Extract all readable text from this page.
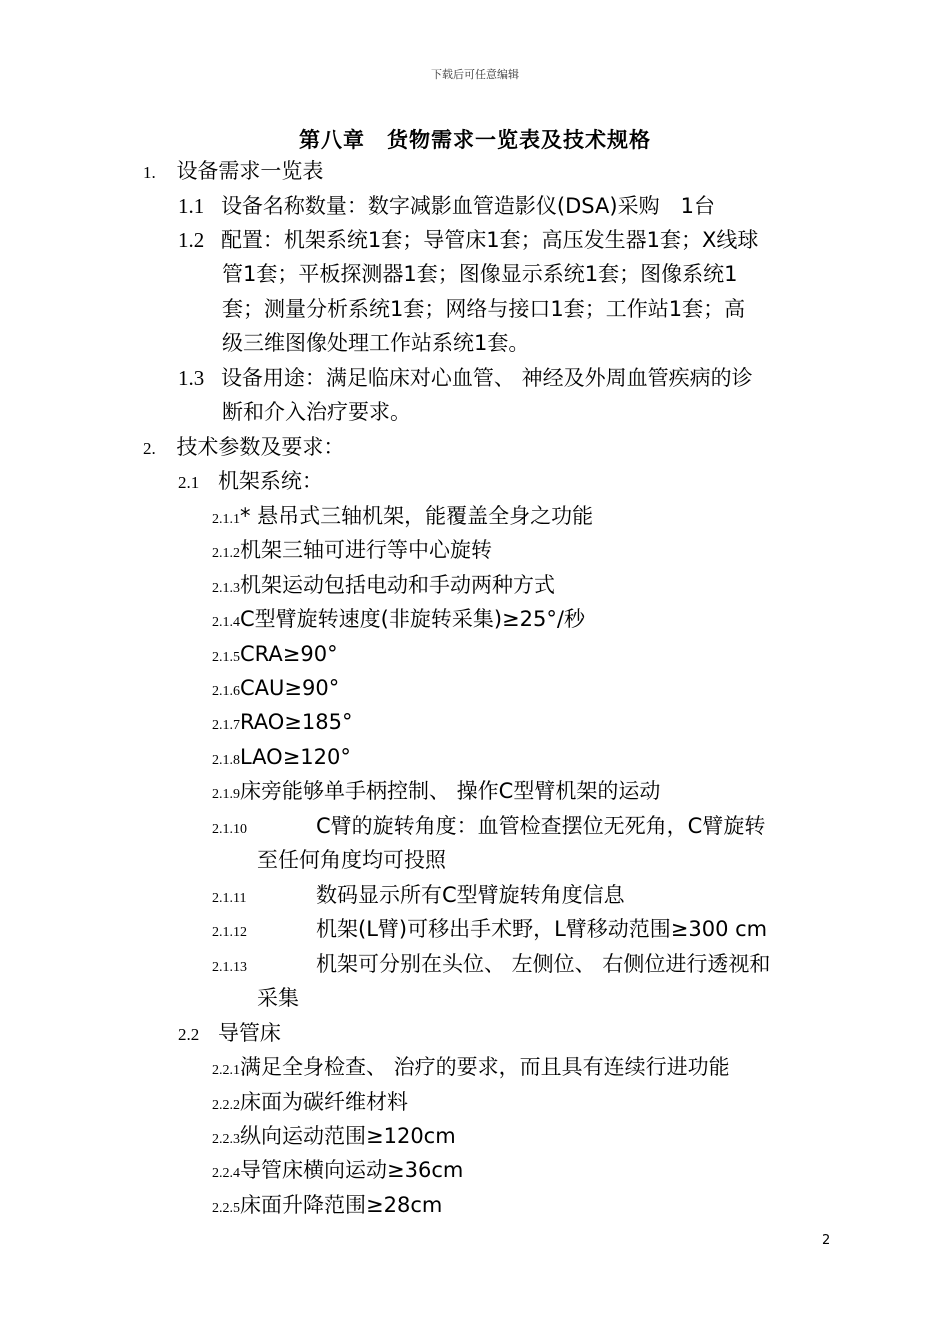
下载后可任意编辑
第八章　货物需求一览表及技术规格
1. 设备需求一览表
1.1 设备名称数量：数字减影血管造影仪(DSA)采购　1台
1.2 配置：机架系统1套；导管床1套；高压发生器1套；X线球
管1套；平板探测器1套；图像显示系统1套；图像系统1
套；测量分析系统1套；网络与接口1套；工作站1套；高
级三维图像处理工作站系统1套。
1.3 设备用途：满足临床对心血管、 神经及外周血管疾病的诊
断和介入治疗要求。
2. 技术参数及要求：
2.1 机架系统：
2.1.1* 悬吊式三轴机架，能覆盖全身之功能
2.1.2机架三轴可进行等中心旋转
2.1.3机架运动包括电动和手动两种方式
2.1.4C型臂旋转速度(非旋转采集)≥25°/秒
2.1.5CRA≥90°
2.1.6CAU≥90°
2.1.7RAO≥185°
2.1.8LAO≥120°
2.1.9床旁能够单手柄控制、 操作C型臂机架的运动
2.1.10	C臂的旋转角度：血管检查摆位无死角，C臂旋转
至任何角度均可投照
2.1.11	数码显示所有C型臂旋转角度信息
2.1.12	机架(L臂)可移出手术野，L臂移动范围≥300 cm
2.1.13	机架可分别在头位、 左侧位、 右侧位进行透视和
采集
2.2 导管床
2.2.1满足全身检查、 治疗的要求，而且具有连续行进功能
2.2.2床面为碳纤维材料
2.2.3纵向运动范围≥120cm
2.2.4导管床横向运动≥36cm
2.2.5床面升降范围≥28cm
2
